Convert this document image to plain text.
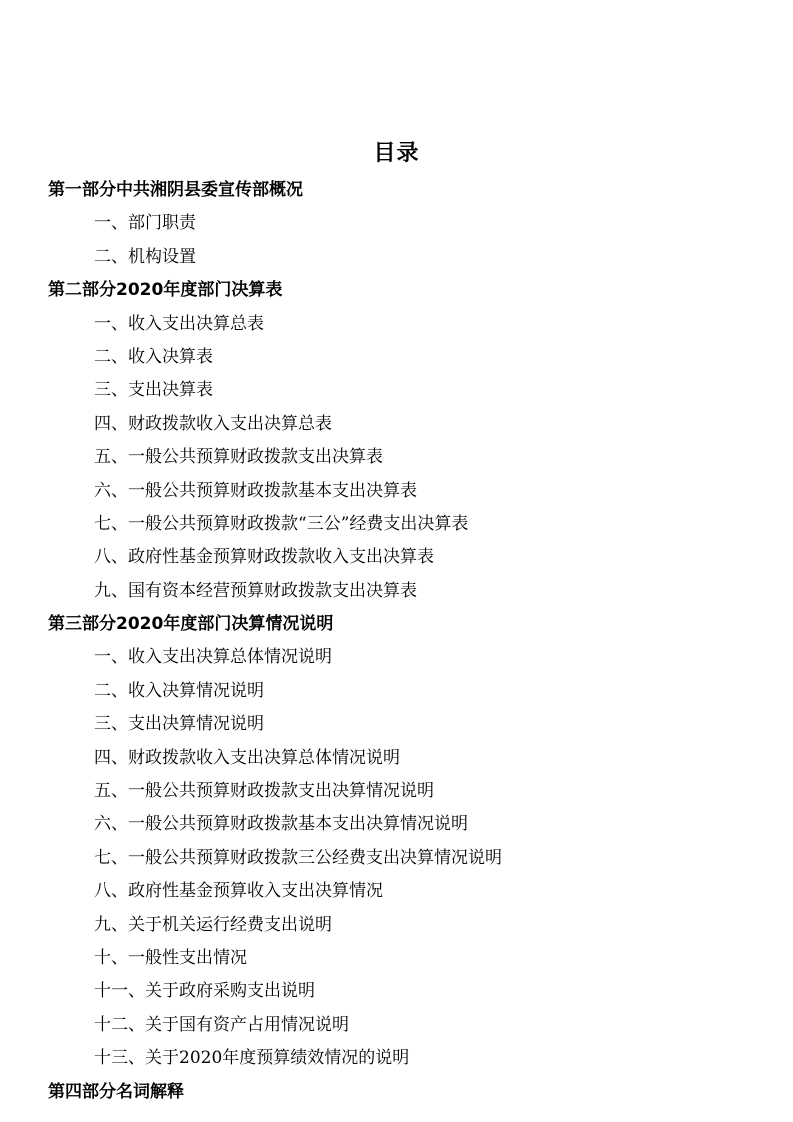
目录
第一部分中共湘阴县委宣传部概况
一、部门职责
二、机构设置
第二部分2020年度部门决算表
一、收入支出决算总表
二、收入决算表
三、支出决算表
四、财政拨款收入支出决算总表
五、一般公共预算财政拨款支出决算表
六、一般公共预算财政拨款基本支出决算表
七、一般公共预算财政拨款“三公”经费支出决算表
八、政府性基金预算财政拨款收入支出决算表
九、国有资本经营预算财政拨款支出决算表
第三部分2020年度部门决算情况说明
一、收入支出决算总体情况说明
二、收入决算情况说明
三、支出决算情况说明
四、财政拨款收入支出决算总体情况说明
五、一般公共预算财政拨款支出决算情况说明
六、一般公共预算财政拨款基本支出决算情况说明
七、一般公共预算财政拨款三公经费支出决算情况说明
八、政府性基金预算收入支出决算情况
九、关于机关运行经费支出说明
十、一般性支出情况
十一、关于政府采购支出说明
十二、关于国有资产占用情况说明
十三、关于2020年度预算绩效情况的说明
第四部分名词解释
